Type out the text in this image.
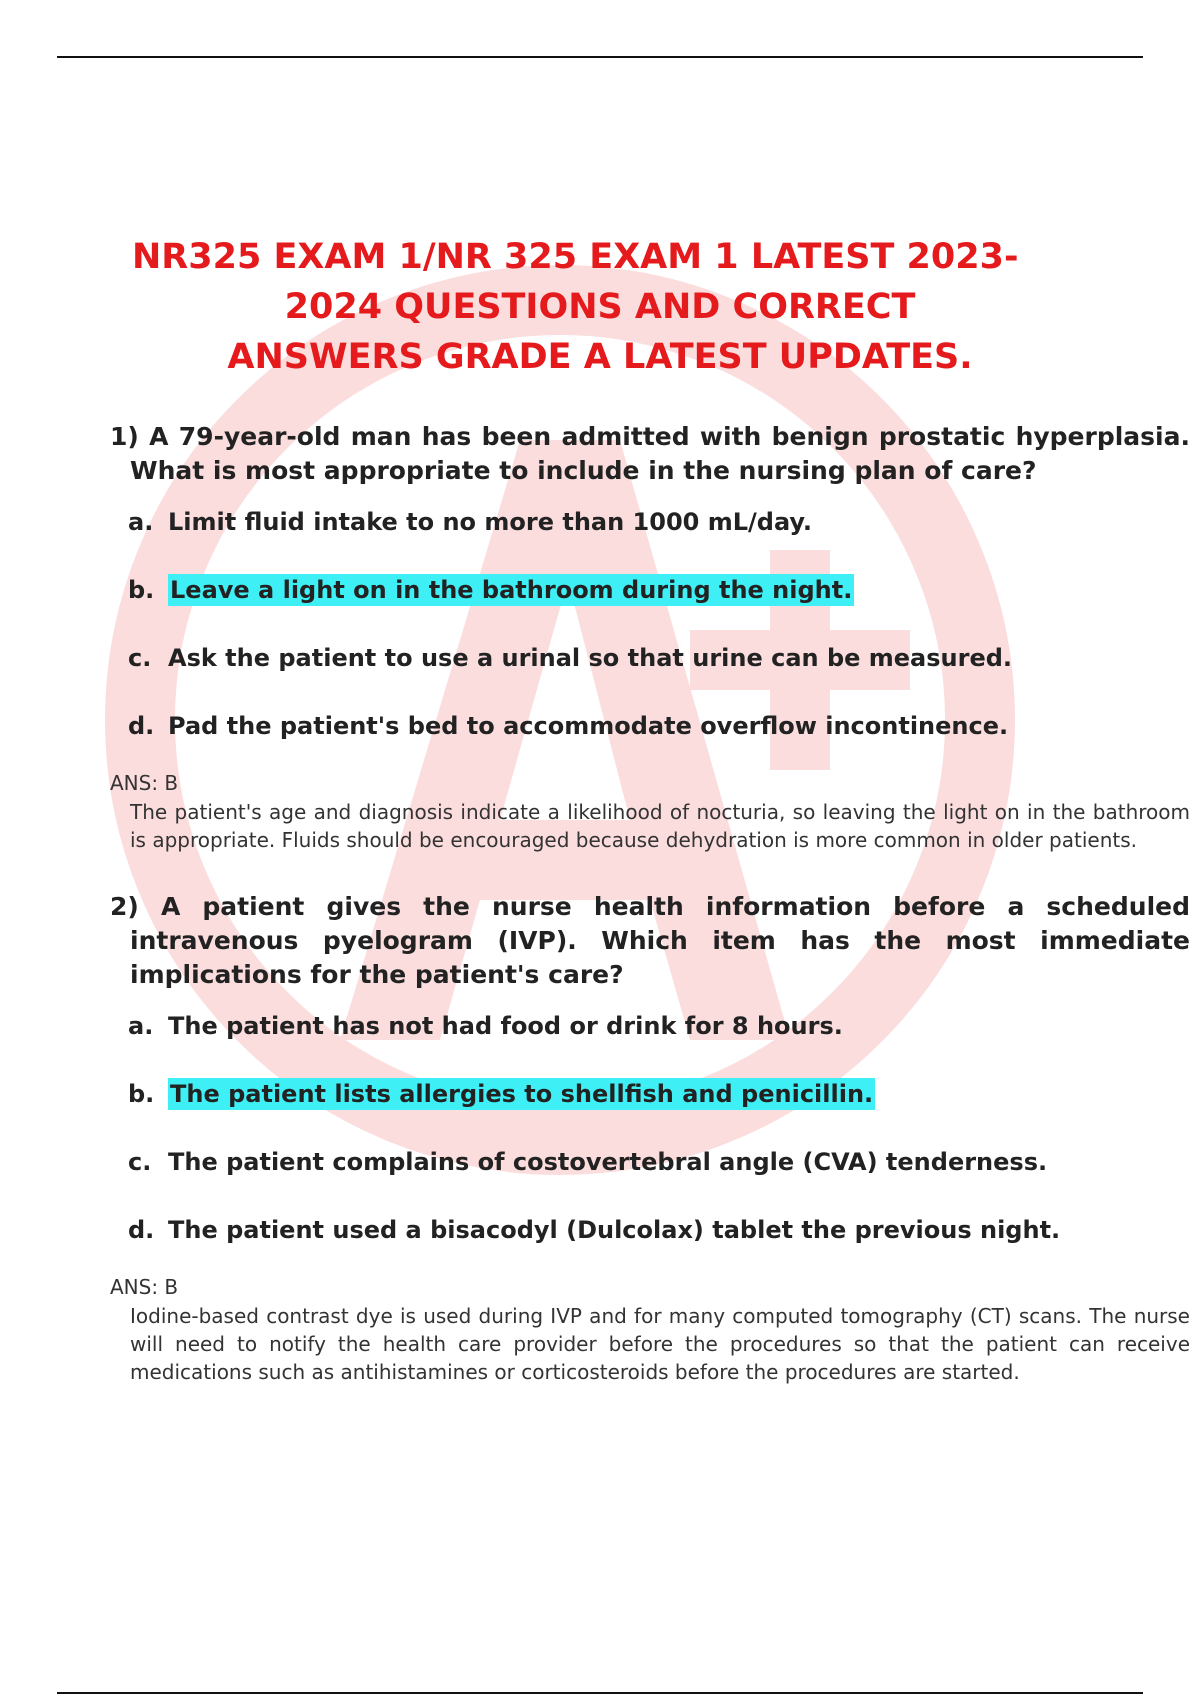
NR325 EXAM 1/NR 325 EXAM 1 LATEST 2023-
2024 QUESTIONS AND CORRECT
ANSWERS GRADE A LATEST UPDATES.

1) A 79-year-old man has been admitted with benign prostatic hyperplasia. What is most appropriate to include in the nursing plan of care?

a. Limit fluid intake to no more than 1000 mL/day.
b. Leave a light on in the bathroom during the night.
c. Ask the patient to use a urinal so that urine can be measured.
d. Pad the patient's bed to accommodate overflow incontinence.

ANS: B

The patient's age and diagnosis indicate a likelihood of nocturia, so leaving the light on in the bathroom is appropriate. Fluids should be encouraged because dehydration is more common in older patients.

2) A patient gives the nurse health information before a scheduled intravenous pyelogram (IVP). Which item has the most immediate implications for the patient's care?

a. The patient has not had food or drink for 8 hours.
b. The patient lists allergies to shellfish and penicillin.
c. The patient complains of costovertebral angle (CVA) tenderness.
d. The patient used a bisacodyl (Dulcolax) tablet the previous night.

ANS: B

Iodine-based contrast dye is used during IVP and for many computed tomography (CT) scans. The nurse will need to notify the health care provider before the procedures so that the patient can receive medications such as antihistamines or corticosteroids before the procedures are started.
